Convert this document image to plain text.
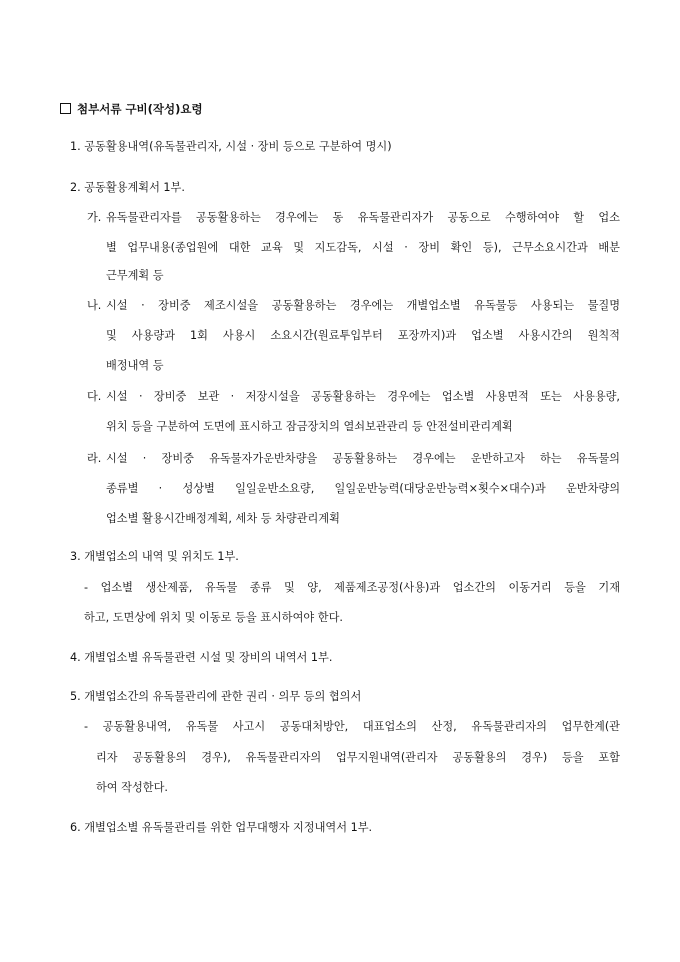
첨부서류 구비(작성)요령
1. 공동활용내역(유독물관리자, 시설 · 장비 등으로 구분하여 명시)
2. 공동활용계획서 1부.
가. 유독물관리자를 공동활용하는 경우에는 동 유독물관리자가 공동으로 수행하여야 할 업소
별 업무내용(종업원에 대한 교육 및 지도감독, 시설 · 장비 확인 등), 근무소요시간과 배분
근무계획 등
나. 시설 · 장비중 제조시설을 공동활용하는 경우에는 개별업소별 유독물등 사용되는 물질명
및 사용량과 1회 사용시 소요시간(원료투입부터 포장까지)과 업소별 사용시간의 원칙적
배정내역 등
다. 시설 · 장비중 보관 · 저장시설을 공동활용하는 경우에는 업소별 사용면적 또는 사용용량,
위치 등을 구분하여 도면에 표시하고 잠금장치의 열쇠보관관리 등 안전설비관리계획
라. 시설 · 장비중 유독물자가운반차량을 공동활용하는 경우에는 운반하고자 하는 유독물의
종류별 · 성상별 일일운반소요량, 일일운반능력(대당운반능력×횟수×대수)과 운반차량의
업소별 활용시간배정계획, 세차 등 차량관리계획
3. 개별업소의 내역 및 위치도 1부.
- 업소별 생산제품, 유독물 종류 및 양, 제품제조공정(사용)과 업소간의 이동거리 등을 기재
하고, 도면상에 위치 및 이동로 등을 표시하여야 한다.
4. 개별업소별 유독물관련 시설 및 장비의 내역서 1부.
5. 개별업소간의 유독물관리에 관한 권리 · 의무 등의 협의서
- 공동활용내역, 유독물 사고시 공동대처방안, 대표업소의 산정, 유독물관리자의 업무한계(관
리자 공동활용의 경우), 유독물관리자의 업무지원내역(관리자 공동활용의 경우) 등을 포함
하여 작성한다.
6. 개별업소별 유독물관리를 위한 업무대행자 지정내역서 1부.
